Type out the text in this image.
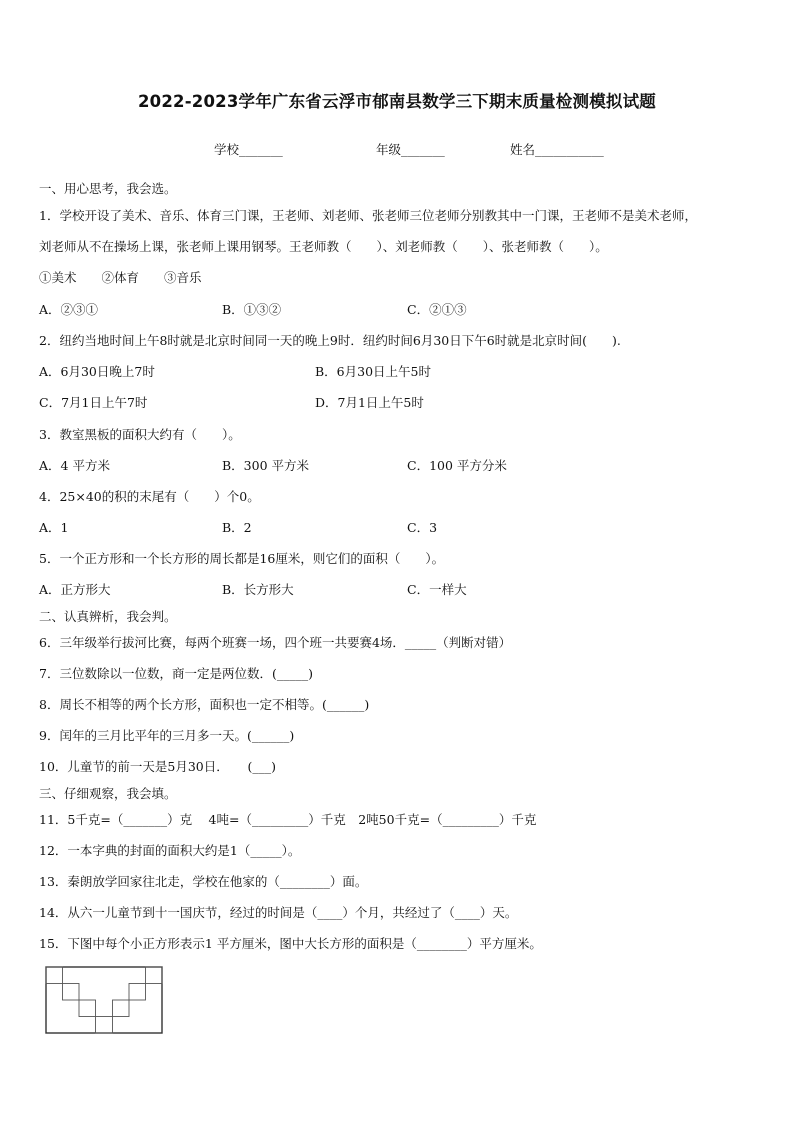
2022-2023学年广东省云浮市郁南县数学三下期末质量检测模拟试题
学校_______	年级_______	姓名___________
一、用心思考，我会选。
1．学校开设了美术、音乐、体育三门课，王老师、刘老师、张老师三位老师分别教其中一门课，王老师不是美术老师，
刘老师从不在操场上课，张老师上课用钢琴。王老师教（　　）、刘老师教（　　）、张老师教（　　）。
①美术　　②体育　　③音乐
A．②③①	B．①③②	C．②①③
2．纽约当地时间上午8时就是北京时间同一天的晚上9时．纽约时间6月30日下午6时就是北京时间(　　).
A．6月30日晚上7时	B．6月30日上午5时
C．7月1日上午7时	D．7月1日上午5时
3．教室黑板的面积大约有（　　）。
A．4 平方米	B．300 平方米	C．100 平方分米
4．25×40的积的末尾有（　　）个0。
A．1	B．2	C．3
5．一个正方形和一个长方形的周长都是16厘米，则它们的面积（　　）。
A．正方形大	B．长方形大	C．一样大
二、认真辨析，我会判。
6．三年级举行拔河比赛，每两个班赛一场，四个班一共要赛4场．_____（判断对错）
7．三位数除以一位数，商一定是两位数．(_____)
8．周长不相等的两个长方形，面积也一定不相等。(______)
9．闰年的三月比平年的三月多一天。(______)
10．儿童节的前一天是5月30日．　　(___)
三、仔细观察，我会填。
11．5千克=（_______）克　 4吨=（_________）千克　2吨50千克=（_________）千克
12．一本字典的封面的面积大约是1（_____）。
13．秦朗放学回家往北走，学校在他家的（________）面。
14．从六一儿童节到十一国庆节，经过的时间是（____）个月，共经过了（____）天。
15．下图中每个小正方形表示1 平方厘米，图中大长方形的面积是（________）平方厘米。
